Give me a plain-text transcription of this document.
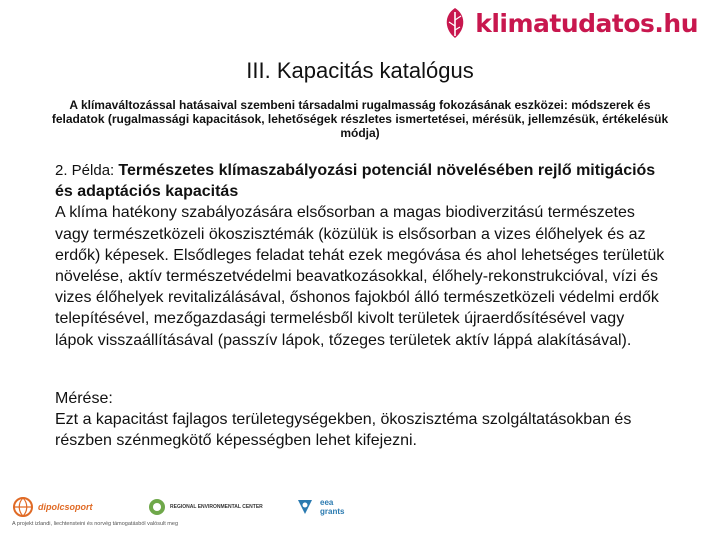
klimatudatos.hu
III. Kapacitás katalógus
A klímaváltozással hatásaival szembeni társadalmi rugalmasság fokozásának eszközei: módszerek és feladatok (rugalmassági kapacitások, lehetőségek részletes ismertetései, mérésük, jellemzésük, értékelésük módja)
2. Példa: Természetes klímaszabályozási potenciál növelésében rejlő mitigációs és adaptációs kapacitás
A klíma hatékony szabályozására elsősorban a magas biodiverzitású természetes vagy természetközeli ökoszisztémák (közülük is elsősorban a vizes élőhelyek és az erdők) képesek. Elsődleges feladat tehát ezek megóvása és ahol lehetséges területük növelése, aktív természetvédelmi beavatkozásokkal, élőhely-rekonstrukcióval, vízi és vizes élőhelyek revitalizálásával, őshonos fajokból álló természetközeli védelmi erdők telepítésével, mezőgazdasági termelésből kivolt területek újraerdősítésével vagy lápok visszaállításával (passzív lápok, tőzeges területek aktív láppá alakításával).
Mérése:
Ezt a kapacitást fajlagos területegységekben, ökoszisztéma szolgáltatásokban és részben szénmegkötő képességben lehet kifejezni.
dipolcsoport	REGIONAL ENVIRONMENTAL CENTER	eea
grants
A projekt izlandi, liechtensteini és norvég támogatásból valósult meg
